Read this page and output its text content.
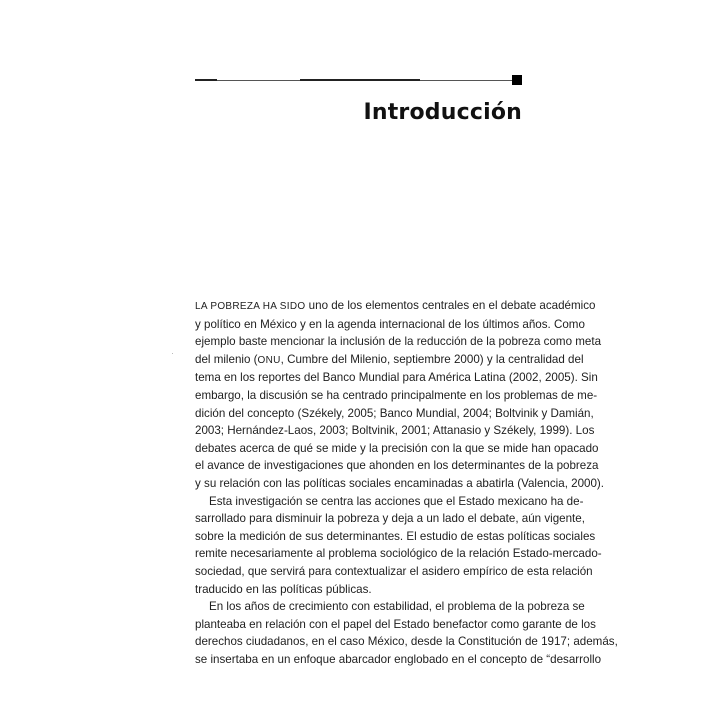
Introducción

LA POBREZA HA SIDO uno de los elementos centrales en el debate académico
y político en México y en la agenda internacional de los últimos años. Como
ejemplo baste mencionar la inclusión de la reducción de la pobreza como meta
del milenio (ONU, Cumbre del Milenio, septiembre 2000) y la centralidad del
tema en los reportes del Banco Mundial para América Latina (2002, 2005). Sin
embargo, la discusión se ha centrado principalmente en los problemas de me-
dición del concepto (Székely, 2005; Banco Mundial, 2004; Boltvinik y Damián,
2003; Hernández-Laos, 2003; Boltvinik, 2001; Attanasio y Székely, 1999). Los
debates acerca de qué se mide y la precisión con la que se mide han opacado
el avance de investigaciones que ahonden en los determinantes de la pobreza
y su relación con las políticas sociales encaminadas a abatirla (Valencia, 2000).

Esta investigación se centra las acciones que el Estado mexicano ha de-
sarrollado para disminuir la pobreza y deja a un lado el debate, aún vigente,
sobre la medición de sus determinantes. El estudio de estas políticas sociales
remite necesariamente al problema sociológico de la relación Estado-mercado-
sociedad, que servirá para contextualizar el asidero empírico de esta relación
traducido en las políticas públicas.

En los años de crecimiento con estabilidad, el problema de la pobreza se
planteaba en relación con el papel del Estado benefactor como garante de los
derechos ciudadanos, en el caso México, desde la Constitución de 1917; además,
se insertaba en un enfoque abarcador englobado en el concepto de “desarrollo
